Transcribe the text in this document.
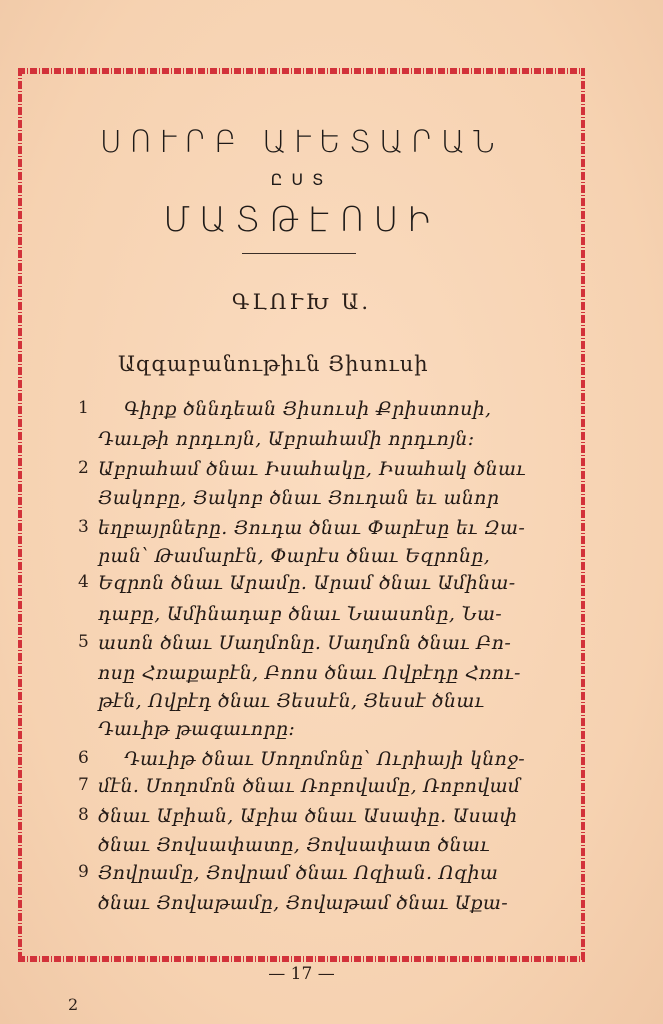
ՍՈՒՐԲ ԱՒԵՏԱՐԱՆ
ԸՍՏ
ՄԱՏԹԷՈՍԻ
ԳԼՈՒԽ Ա.
Ազգաբանութիւն Յիսուսի
1
2
3
4
5
6
7
8
9
Գիրք ծննդեան Յիսուսի Քրիստոսի,
Դաւթի որդւոյն, Աբրահամի որդւոյն:
Աբրահամ ծնաւ Իսահակը, Իսահակ ծնաւ
Յակոբը, Յակոբ ծնաւ Յուդան եւ անոր
եղբայրները. Յուդա ծնաւ Փարէսը եւ Զա-
րան՝ Թամարէն, Փարէս ծնաւ Եզրոնը,
Եզրոն ծնաւ Արամը. Արամ ծնաւ Ամինա-
դաբը, Ամինադաբ ծնաւ Նաասոնը, Նա-
ասոն ծնաւ Սաղմոնը. Սաղմոն ծնաւ Բո-
ոսը Հռաքաբէն, Բոոս ծնաւ Ովբէդը Հռու-
թէն, Ովբէդ ծնաւ Յեսսէն, Յեսսէ ծնաւ
Դաւիթ թագաւորը:
Դաւիթ ծնաւ Սողոմոնը՝ Ուրիայի կնոջ-
մէն. Սողոմոն ծնաւ Ռոբովամը, Ռոբովամ
ծնաւ Աբիան, Աբիա ծնաւ Ասափը. Ասափ
ծնաւ Յովսափատը, Յովսափատ ծնաւ
Յովրամը, Յովրամ ծնաւ Ոզիան. Ոզիա
ծնաւ Յովաթամը, Յովաթամ ծնաւ Աքա-
— 17 —
2
